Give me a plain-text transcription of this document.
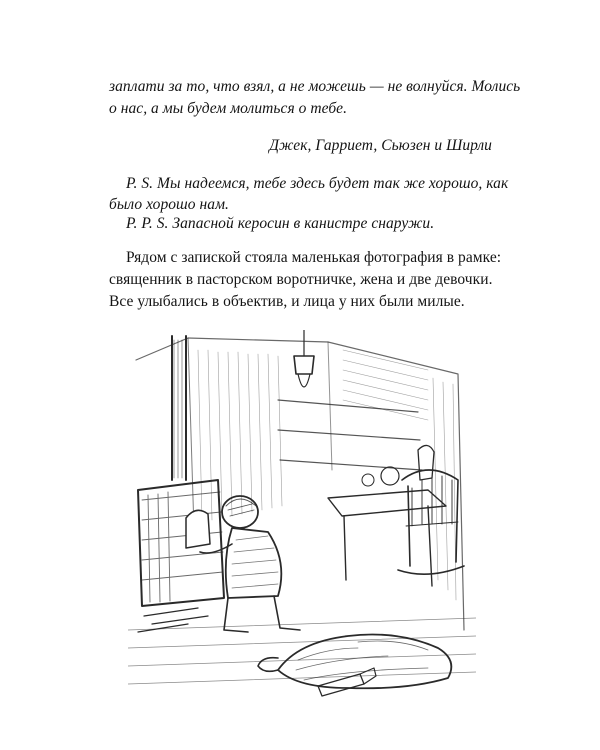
заплати за то, что взял, а не можешь — не волнуйся. Молись
о нас, а мы будем молиться о тебе.
Джек, Гарриет, Сьюзен и Ширли
P. S. Мы надеемся, тебе здесь будет так же хорошо, как
было хорошо нам.
P. P. S. Запасной керосин в канистре снаружи.
Рядом с запиской стояла маленькая фотография в рамке:
священник в пасторском воротничке, жена и две девочки.
Все улыбались в объектив, и лица у них были милые.
